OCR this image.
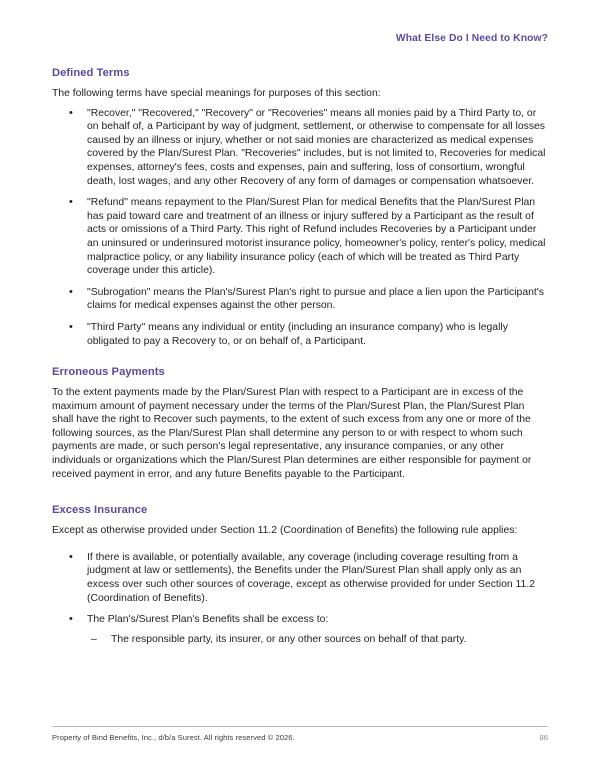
What Else Do I Need to Know?
Defined Terms

The following terms have special meanings for purposes of this section:

• "Recover," "Recovered," "Recovery" or "Recoveries" means all monies paid by a Third Party to, or on behalf of, a Participant by way of judgment, settlement, or otherwise to compensate for all losses caused by an illness or injury, whether or not said monies are characterized as medical expenses covered by the Plan/Surest Plan. "Recoveries" includes, but is not limited to, Recoveries for medical expenses, attorney's fees, costs and expenses, pain and suffering, loss of consortium, wrongful death, lost wages, and any other Recovery of any form of damages or compensation whatsoever.
• "Refund" means repayment to the Plan/Surest Plan for medical Benefits that the Plan/Surest Plan has paid toward care and treatment of an illness or injury suffered by a Participant as the result of acts or omissions of a Third Party. This right of Refund includes Recoveries by a Participant under an uninsured or underinsured motorist insurance policy, homeowner's policy, renter's policy, medical malpractice policy, or any liability insurance policy (each of which will be treated as Third Party coverage under this article).
• "Subrogation" means the Plan's/Surest Plan's right to pursue and place a lien upon the Participant's claims for medical expenses against the other person.
• "Third Party" means any individual or entity (including an insurance company) who is legally obligated to pay a Recovery to, or on behalf of, a Participant.
Erroneous Payments

To the extent payments made by the Plan/Surest Plan with respect to a Participant are in excess of the maximum amount of payment necessary under the terms of the Plan/Surest Plan, the Plan/Surest Plan shall have the right to Recover such payments, to the extent of such excess from any one or more of the following sources, as the Plan/Surest Plan shall determine any person to or with respect to whom such payments are made, or such person's legal representative, any insurance companies, or any other individuals or organizations which the Plan/Surest Plan determines are either responsible for payment or received payment in error, and any future Benefits payable to the Participant.

Excess Insurance

Except as otherwise provided under Section 11.2 (Coordination of Benefits) the following rule applies:

• If there is available, or potentially available, any coverage (including coverage resulting from a judgment at law or settlements), the Benefits under the Plan/Surest Plan shall apply only as an excess over such other sources of coverage, except as otherwise provided for under Section 11.2 (Coordination of Benefits).
• The Plan's/Surest Plan's Benefits shall be excess to:
– The responsible party, its insurer, or any other sources on behalf of that party.
Property of Bind Benefits, Inc., d/b/a Surest. All rights reserved © 2026.	86
